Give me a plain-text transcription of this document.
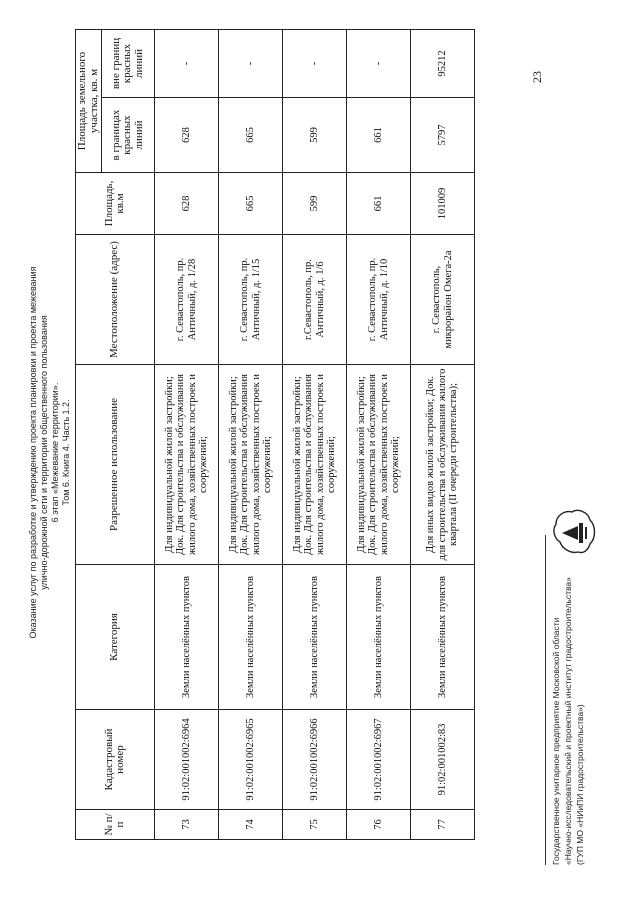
Оказание услуг по разработке и утверждению проекта планировки и проекта межевания улично-дорожной сети и территории общественного пользования 6 этап «Межевание территории». Том 6. Книга 4. Часть 1.2.
№ п/п	Кадастровый номер	Категория	Разрешенное использование	Местоположение (адрес)	Площадь, кв.м	Площадь земельного участка, кв. м	
						в границах красных линий	вне границ красных линий
73	91:02:001002:6964	Земли населённых пунктов	Для индивидуальной жилой застройки; Док. Для строительства и обслуживания жилого дома, хозяйственных построек и сооружений;	г. Севастополь, пр. Античный, д. 1/28	628	628	-
74	91:02:001002:6965	Земли населённых пунктов	Для индивидуальной жилой застройки; Док. Для строительства и обслуживания жилого дома, хозяйственных построек и сооружений;	г. Севастополь, пр. Античный, д. 1/15	665	665	-
75	91:02:001002:6966	Земли населённых пунктов	Для индивидуальной жилой застройки; Док. Для строительства и обслуживания жилого дома, хозяйственных построек и сооружений;	г.Севастополь, пр. Античный, д. 1/6	599	599	-
76	91:02:001002:6967	Земли населённых пунктов	Для индивидуальной жилой застройки; Док. Для строительства и обслуживания жилого дома, хозяйственных построек и сооружений;	г. Севастополь, пр. Античный, д. 1/10	661	661	-
77	91:02:001002:83	Земли населённых пунктов	Для иных видов жилой застройки; Док. для строительства и обслуживания жилого квартала (II очереди строительства);	г. Севастополь, микрорайон Омега-2а	101009	5797	95212
23
Государственное унитарное предприятие Московской области «Научно-исследовательский и проектный институт градостроительства» (ГУП МО «НИиПИ градостроительства»)
